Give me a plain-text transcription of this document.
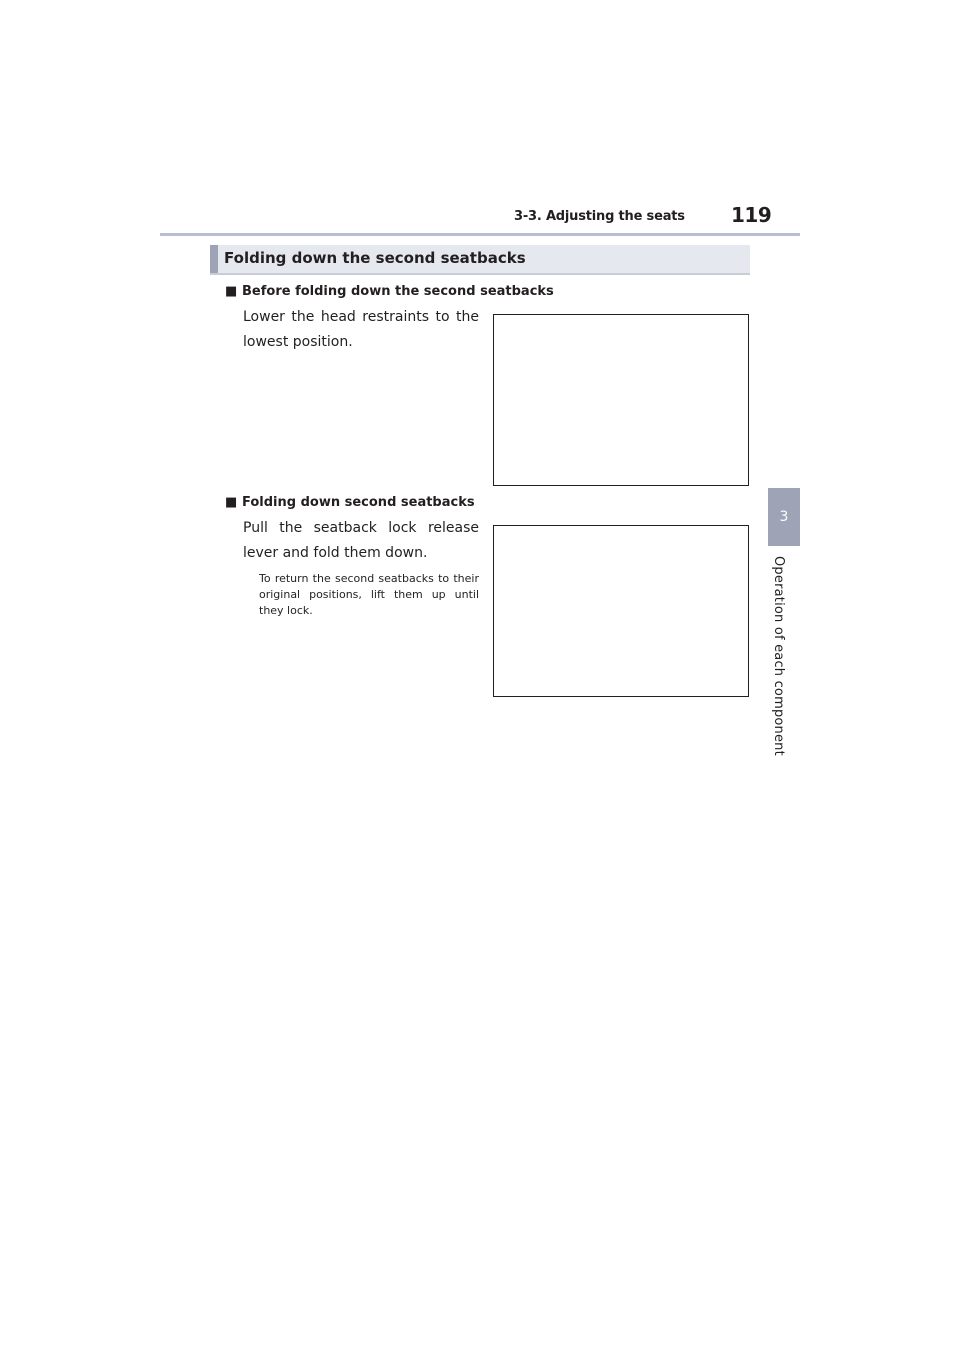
3-3. Adjusting the seats 119
3
Operation of each component
Folding down the second seatbacks
■ Before folding down the second seatbacks
Lower the head restraints to the lowest position.
■ Folding down second seatbacks
Pull the seatback lock release lever and fold them down.
To return the second seatbacks to their original positions, lift them up until they lock.
